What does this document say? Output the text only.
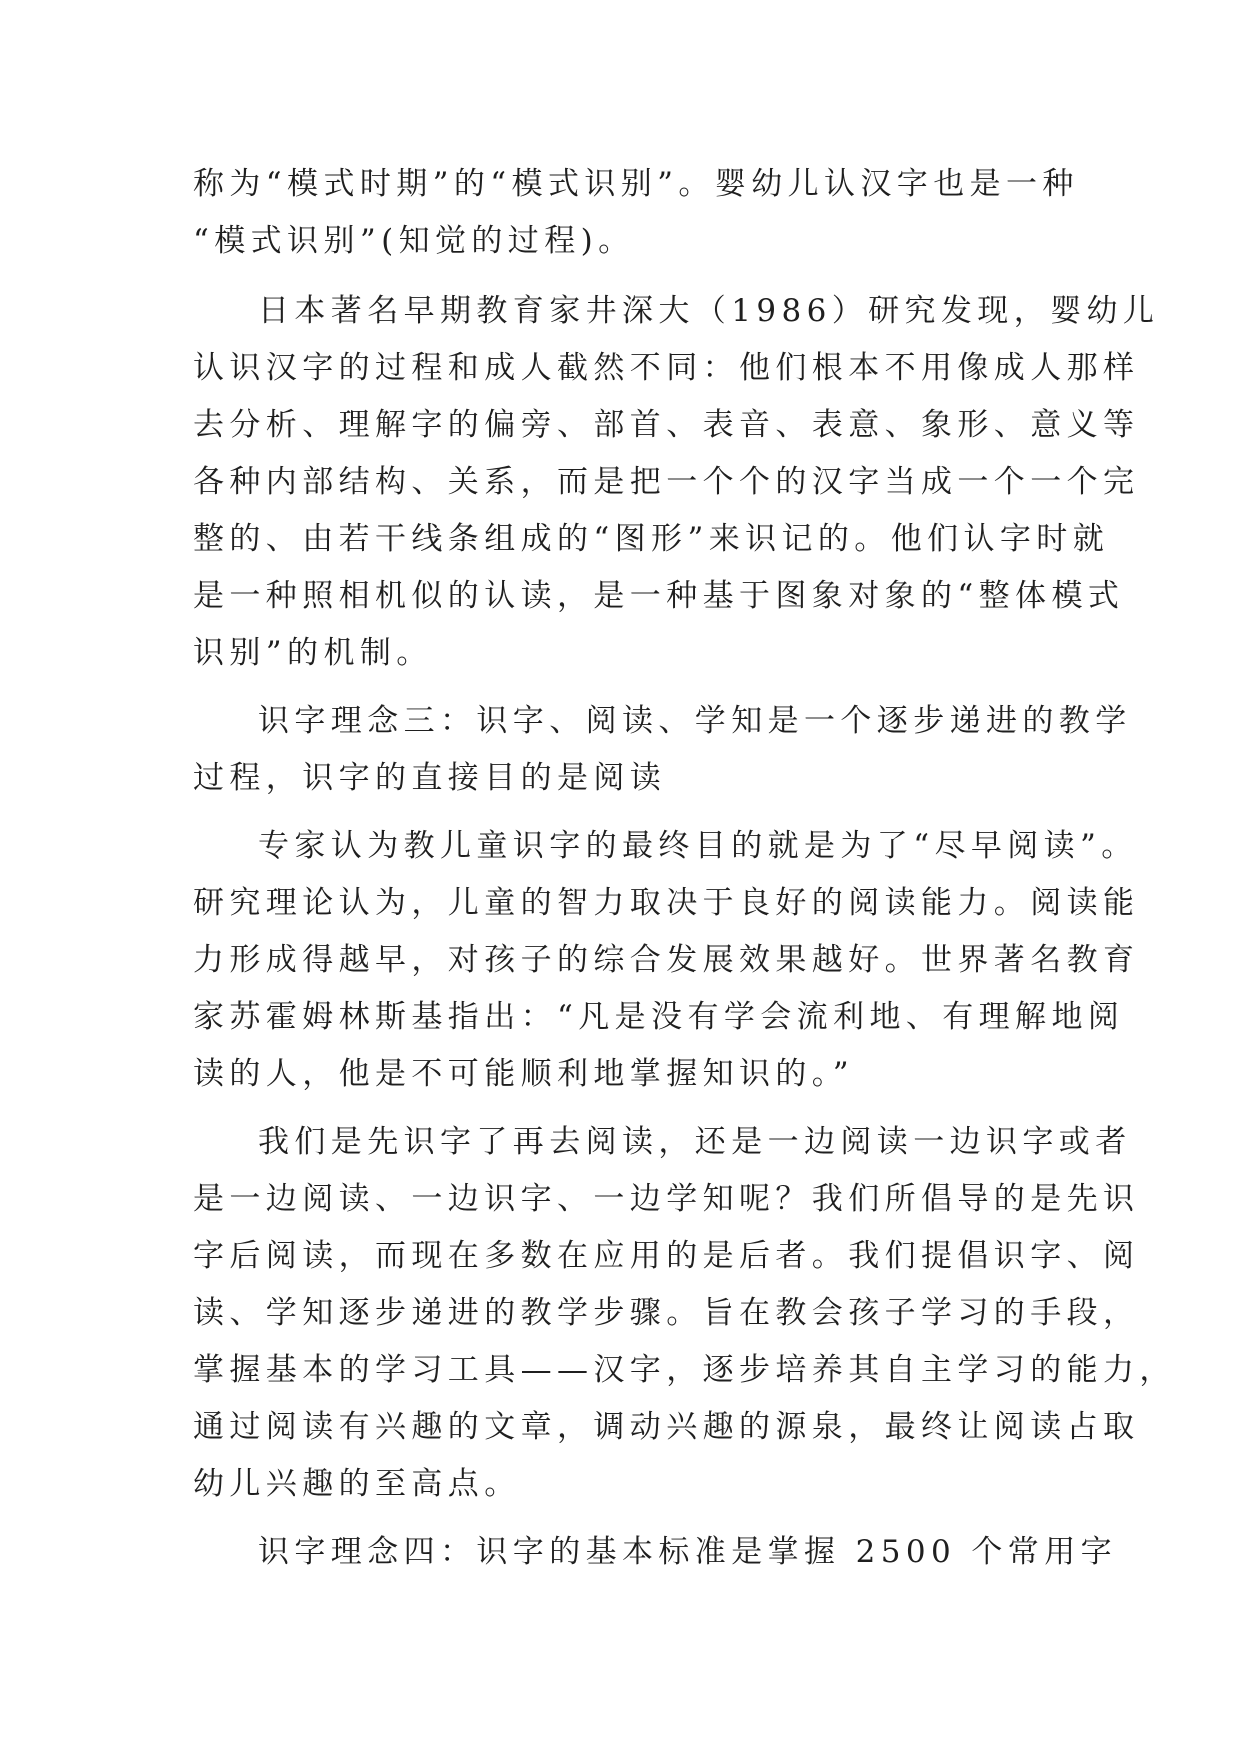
称为“模式时期”的“模式识别”。婴幼儿认汉字也是一种
“模式识别”(知觉的过程)。
日本著名早期教育家井深大（1986）研究发现，婴幼儿
认识汉字的过程和成人截然不同：他们根本不用像成人那样
去分析、理解字的偏旁、部首、表音、表意、象形、意义等
各种内部结构、关系，而是把一个个的汉字当成一个一个完
整的、由若干线条组成的“图形”来识记的。他们认字时就
是一种照相机似的认读，是一种基于图象对象的“整体模式
识别”的机制。
识字理念三：识字、阅读、学知是一个逐步递进的教学
过程，识字的直接目的是阅读
专家认为教儿童识字的最终目的就是为了“尽早阅读”。
研究理论认为，儿童的智力取决于良好的阅读能力。阅读能
力形成得越早，对孩子的综合发展效果越好。世界著名教育
家苏霍姆林斯基指出：“凡是没有学会流利地、有理解地阅
读的人，他是不可能顺利地掌握知识的。”
我们是先识字了再去阅读，还是一边阅读一边识字或者
是一边阅读、一边识字、一边学知呢？我们所倡导的是先识
字后阅读，而现在多数在应用的是后者。我们提倡识字、阅
读、学知逐步递进的教学步骤。旨在教会孩子学习的手段，
掌握基本的学习工具——汉字，逐步培养其自主学习的能力，
通过阅读有兴趣的文章，调动兴趣的源泉，最终让阅读占取
幼儿兴趣的至高点。
识字理念四：识字的基本标准是掌握 2500 个常用字
